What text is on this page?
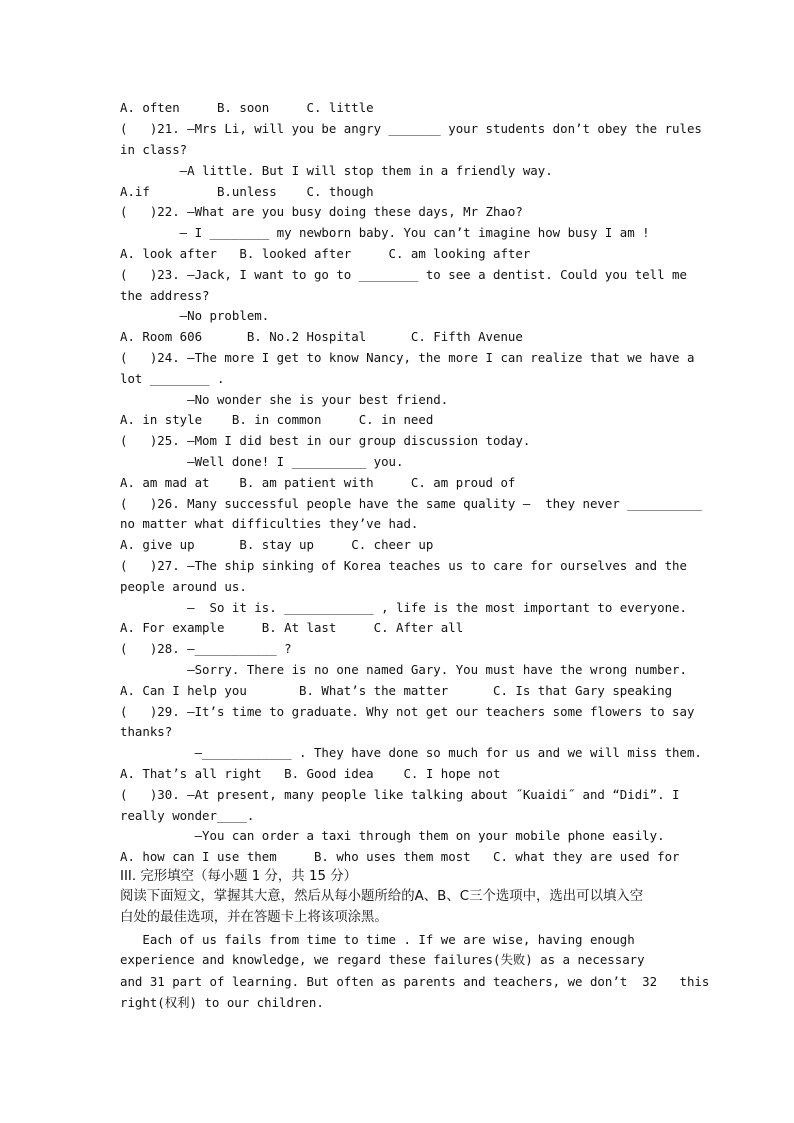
A. often     B. soon     C. little
(   )21. —Mrs Li, will you be angry _______ your students don’t obey the rules
in class?
—A little. But I will stop them in a friendly way.
A.if         B.unless    C. though
(   )22. —What are you busy doing these days, Mr Zhao?
— I ________ my newborn baby. You can’t imagine how busy I am !
A. look after   B. looked after     C. am looking after
(   )23. —Jack, I want to go to ________ to see a dentist. Could you tell me
the address?
—No problem.
A. Room 606      B. No.2 Hospital      C. Fifth Avenue
(   )24. —The more I get to know Nancy, the more I can realize that we have a
lot ________ .
—No wonder she is your best friend.
A. in style    B. in common     C. in need
(   )25. —Mom I did best in our group discussion today.
—Well done! I __________ you.
A. am mad at    B. am patient with     C. am proud of
(   )26. Many successful people have the same quality —  they never __________
no matter what difficulties they’ve had.
A. give up      B. stay up     C. cheer up
(   )27. —The ship sinking of Korea teaches us to care for ourselves and the
people around us.
—  So it is. ____________ , life is the most important to everyone.
A. For example     B. At last     C. After all
(   )28. —___________ ?
—Sorry. There is no one named Gary. You must have the wrong number.
A. Can I help you       B. What’s the matter      C. Is that Gary speaking
(   )29. —It’s time to graduate. Why not get our teachers some flowers to say
thanks?
—____________ . They have done so much for us and we will miss them.
A. That’s all right   B. Good idea    C. I hope not
(   )30. —At present, many people like talking about ˝Kuaidi˝ and “Didi”. I
really wonder____.
—You can order a taxi through them on your mobile phone easily.
A. how can I use them     B. who uses them most   C. what they are used for
III. 完形填空（每小题 1 分，共 15 分）
阅读下面短文，掌握其大意，然后从每小题所给的A、B、C三个选项中，选出可以填入空
白处的最佳选项，并在答题卡上将该项涂黑。
Each of us fails from time to time . If we are wise, having enough
experience and knowledge, we regard these failures(失败) as a necessary
and 31 part of learning. But often as parents and teachers, we don’t  32   this
right(权利) to our children.
